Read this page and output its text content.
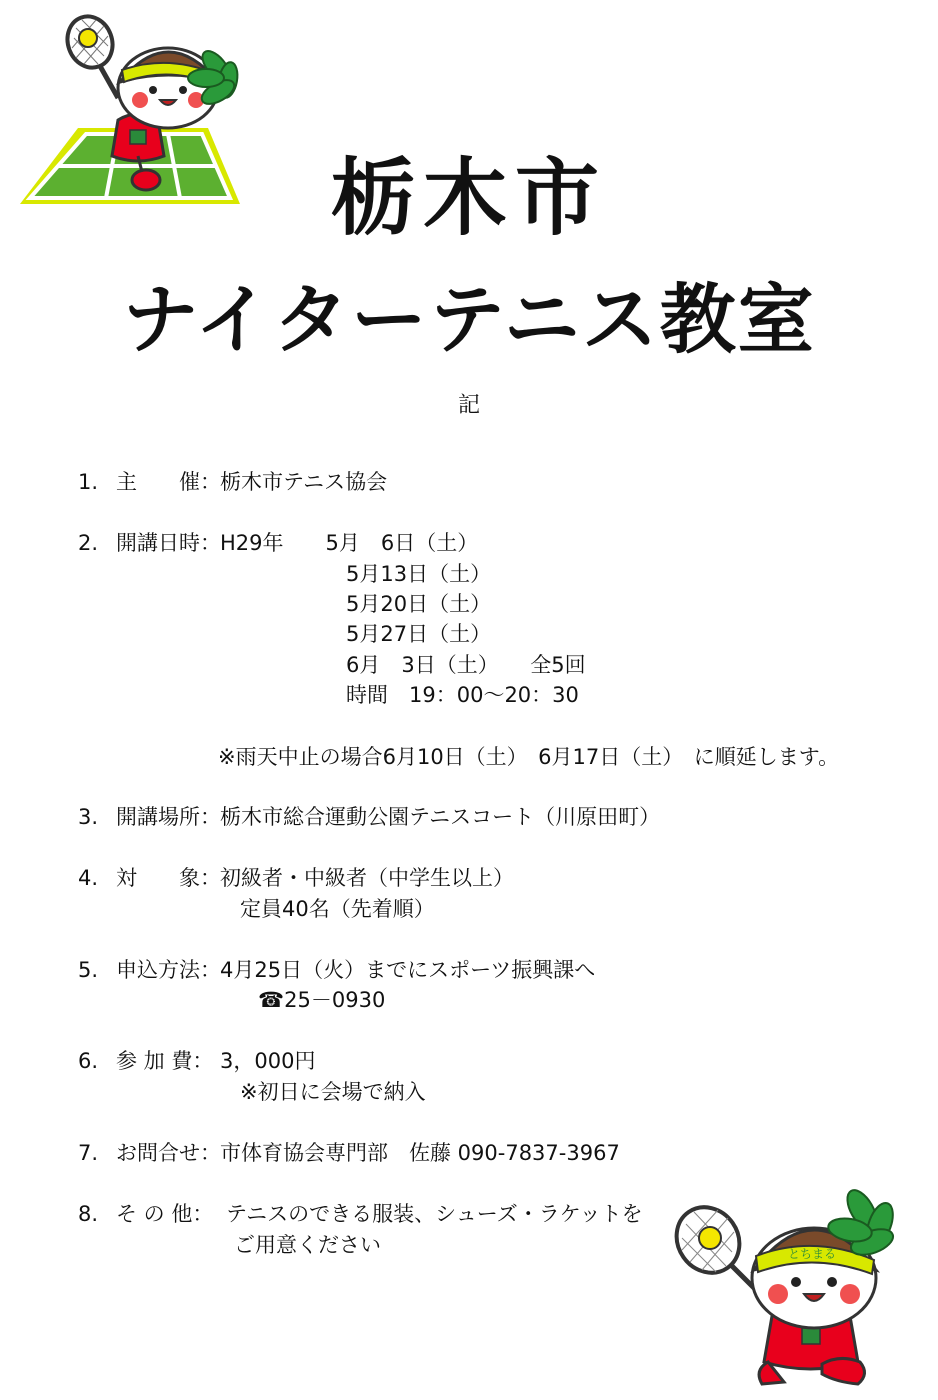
栃木市
ナイターテニス教室
記
1. 主　　催： 栃木市テニス協会
2. 開講日時： H29年　　5月　6日（土）
5月13日（土）
5月20日（土）
5月27日（土）
6月　3日（土）　　全5回
時間　19：00～20：30
※雨天中止の場合6月10日（土）　6月17日（土）　に順延します。
3. 開講場所： 栃木市総合運動公園テニスコート（川原田町）
4. 対　　象： 初級者・中級者（中学生以上）
定員40名（先着順）
5. 申込方法： 4月25日（火）までにスポーツ振興課へ
☎25－0930
6. 参 加 費： 3，000円
※初日に会場で納入
7. お問合せ： 市体育協会専門部　佐藤 090-7837-3967
8. そ の 他： テニスのできる服装、シューズ・ラケットを
ご用意ください	とちまる
